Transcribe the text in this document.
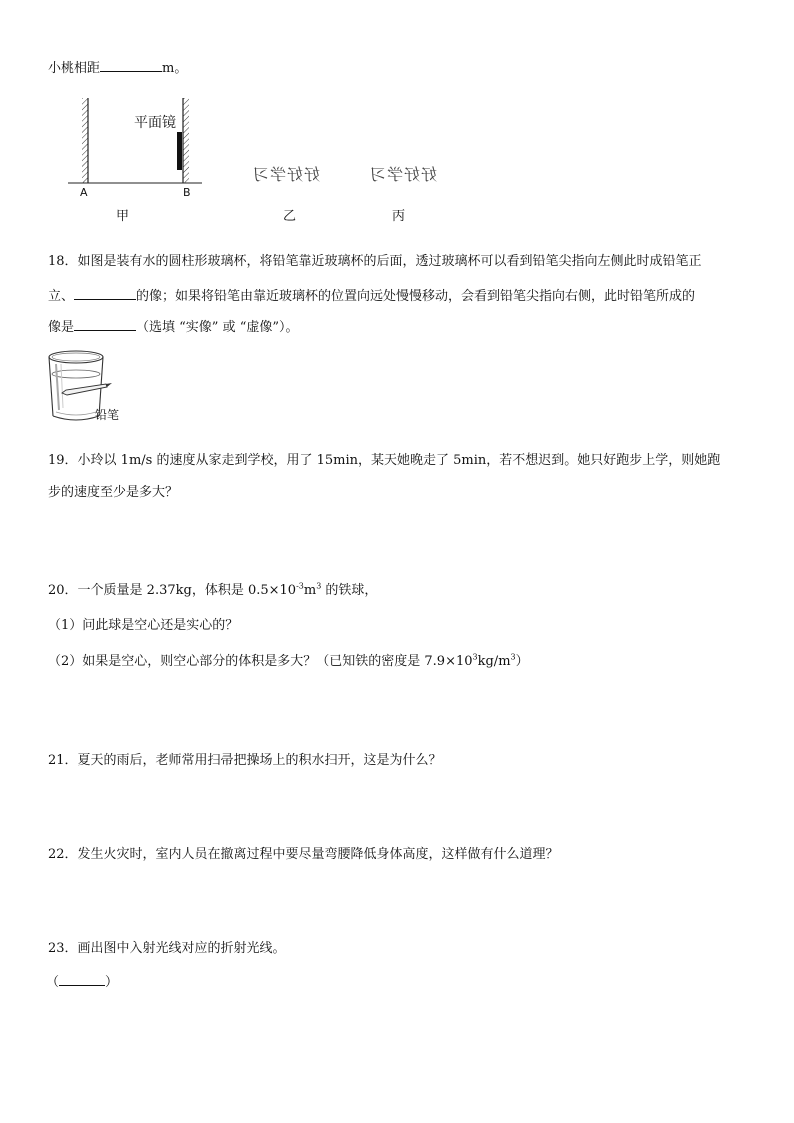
小桃相距	m。
平面镜
A	B
好好学习	好好学习
甲	乙	丙
18．如图是装有水的圆柱形玻璃杯，将铅笔靠近玻璃杯的后面，透过玻璃杯可以看到铅笔尖指向左侧此时成铅笔正
立、	的像；如果将铅笔由靠近玻璃杯的位置向远处慢慢移动，会看到铅笔尖指向右侧，此时铅笔所成的
像是	（选填 “实像” 或 “虚像”）。
铅笔
19．小玲以 1m/s 的速度从家走到学校，用了 15min，某天她晚走了 5min，若不想迟到。她只好跑步上学，则她跑
步的速度至少是多大？
20．一个质量是 2.37kg，体积是 $0.5\times 10^{-3}m^3$ 的铁球，
（1）问此球是空心还是实心的？
（2）如果是空心，则空心部分的体积是多大？（已知铁的密度是 $7.9\times 10^3kg/m^3$）
21．夏天的雨后，老师常用扫帚把操场上的积水扫开，这是为什么？
22．发生火灾时，室内人员在撤离过程中要尽量弯腰降低身体高度，这样做有什么道理？
23．画出图中入射光线对应的折射光线。
（	）
